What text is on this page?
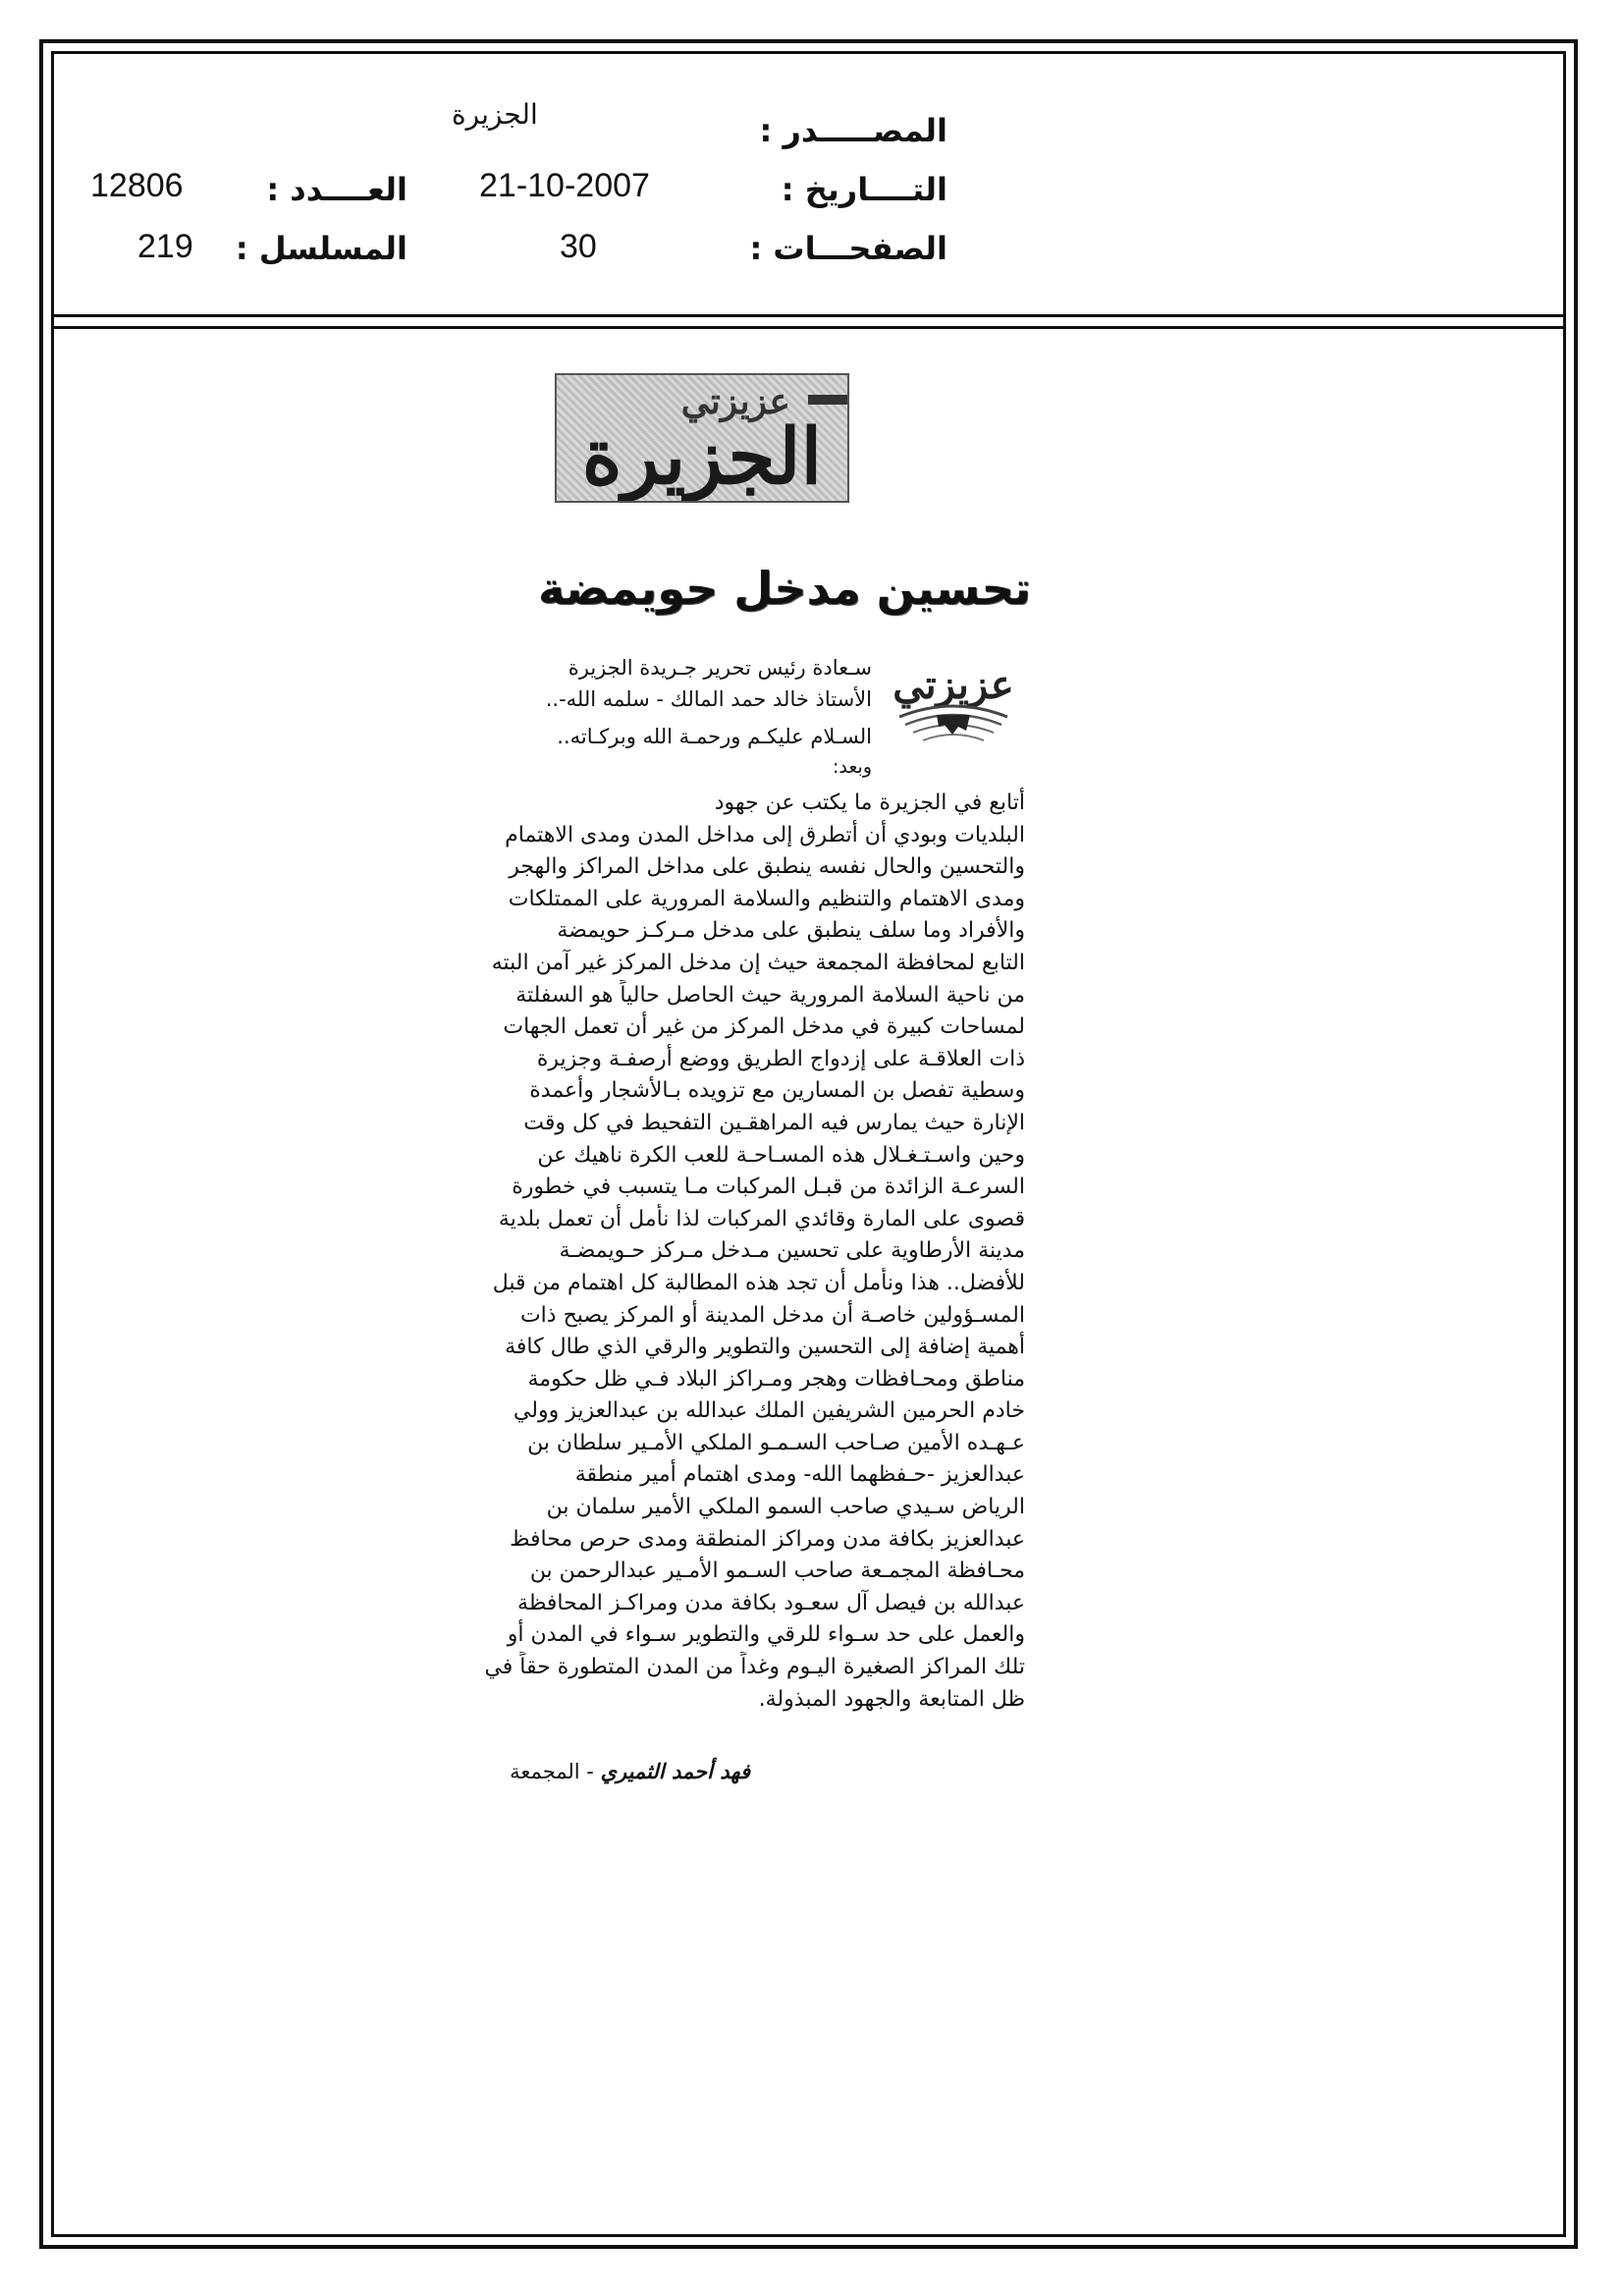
المصـــــدر :
الجزيرة
التــــاريخ :
21-10-2007
العــــدد :
12806
الصفحـــات :
30
المسلسل :
219
عزيزتي
الجزيرة
تحسين مدخل حويمضة
عزيزتي
سـعادة رئيس تحرير جـريدة الجزيرة
الأستاذ خالد حمد المالك - سلمه الله-..
السـلام عليكـم ورحمـة الله وبركـاته..
وبعد:
أتابع في الجزيرة ما يكتب عن جهود
البلديات وبودي أن أتطرق إلى مداخل المدن ومدى الاهتمام
والتحسين والحال نفسه ينطبق على مداخل المراكز والهجر
ومدى الاهتمام والتنظيم والسلامة المرورية على الممتلكات
والأفراد وما سلف ينطبق على مدخل مـركـز حويمضة
التابع لمحافظة المجمعة حيث إن مدخل المركز غير آمن البته
من ناحية السلامة المرورية حيث الحاصل حالياً هو السفلتة
لمساحات كبيرة في مدخل المركز من غير أن تعمل الجهات
ذات العلاقـة على إزدواج الطريق ووضع أرصفـة وجزيرة
وسطية تفصل بن المسارين مع تزويده بـالأشجار وأعمدة
الإنارة حيث يمارس فيه المراهقـين التفحيط في كل وقت
وحين واسـتـغـلال هذه المسـاحـة للعب الكرة ناهيك عن
السرعـة الزائدة من قبـل المركبات مـا يتسبب في خطورة
قصوى على المارة وقائدي المركبات لذا نأمل أن تعمل بلدية
مدينة الأرطاوية على تحسين مـدخل مـركز حـويمضـة
للأفضل.. هذا ونأمل أن تجد هذه المطالبة كل اهتمام من قبل
المسـؤولين خاصـة أن مدخل المدينة أو المركز يصبح ذات
أهمية إضافة إلى التحسين والتطوير والرقي الذي طال كافة
مناطق ومحـافظات وهجر ومـراكز البلاد فـي ظل حكومة
خادم الحرمين الشريفين الملك عبدالله بن عبدالعزيز وولي
عـهـده الأمين صـاحب السـمـو الملكي الأمـير سلطان بن
عبدالعزيز -حـفظهما الله- ومدى اهتمام أمير منطقة
الرياض سـيدي صاحب السمو الملكي الأمير سلمان بن
عبدالعزيز بكافة مدن ومراكز المنطقة ومدى حرص محافظ
محـافظة المجمـعة صاحب السـمو الأمـير عبدالرحمن بن
عبدالله بن فيصل آل سعـود بكافة مدن ومراكـز المحافظة
والعمل على حد سـواء للرقي والتطوير سـواء في المدن أو
تلك المراكز الصغيرة اليـوم وغداً من المدن المتطورة حقاً في
ظل المتابعة والجهود المبذولة.
فهد أحمد الثميري - المجمعة
